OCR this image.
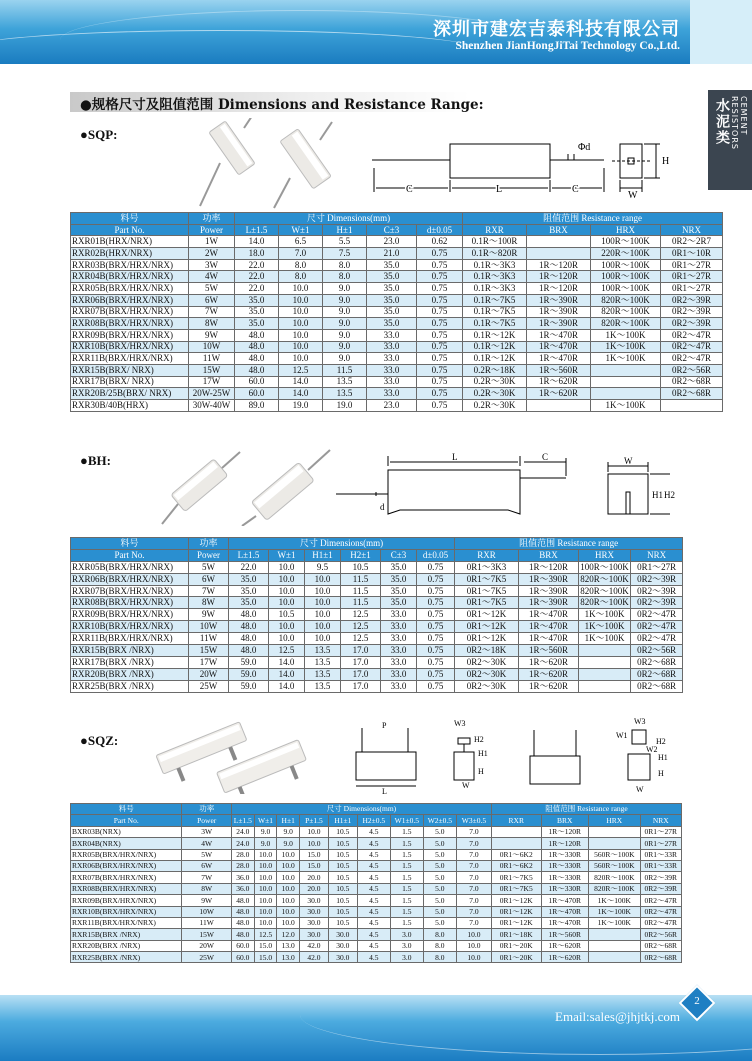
深圳市建宏吉泰科技有限公司
Shenzhen JianHongJiTai Technology Co.,Ltd.
水泥类	CEMENT RESISTORS
●规格尺寸及阻值范围 Dimensions and Resistance Range:
●SQP:
Φd
C	L	C
H
W
料号	功率	尺寸 Dimensions(mm)					阻值范围 Resistance range			
Part No.	Power	L±1.5	W±1	H±1	C±3	d±0.05	RXR	BRX	HRX	NRX
RXR01B(HRX/NRX)	1W	14.0	6.5	5.5	23.0	0.62	0.1R～100R		100R～100K	0R2～2R7
RXR02B(HRX/NRX)	2W	18.0	7.0	7.5	21.0	0.75	0.1R～820R		220R～100K	0R1～10R
RXR03B(BRX/HRX/NRX)	3W	22.0	8.0	8.0	35.0	0.75	0.1R～3K3	1R～120R	100R～100K	0R1～27R
RXR04B(BRX/HRX/NRX)	4W	22.0	8.0	8.0	35.0	0.75	0.1R～3K3	1R～120R	100R～100K	0R1～27R
RXR05B(BRX/HRX/NRX)	5W	22.0	10.0	9.0	35.0	0.75	0.1R～3K3	1R～120R	100R～100K	0R1～27R
RXR06B(BRX/HRX/NRX)	6W	35.0	10.0	9.0	35.0	0.75	0.1R～7K5	1R～390R	820R～100K	0R2～39R
RXR07B(BRX/HRX/NRX)	7W	35.0	10.0	9.0	35.0	0.75	0.1R～7K5	1R～390R	820R～100K	0R2～39R
RXR08B(BRX/HRX/NRX)	8W	35.0	10.0	9.0	35.0	0.75	0.1R～7K5	1R～390R	820R～100K	0R2～39R
RXR09B(BRX/HRX/NRX)	9W	48.0	10.0	9.0	33.0	0.75	0.1R～12K	1R～470R	1K～100K	0R2～47R
RXR10B(BRX/HRX/NRX)	10W	48.0	10.0	9.0	33.0	0.75	0.1R～12K	1R～470R	1K～100K	0R2～47R
RXR11B(BRX/HRX/NRX)	11W	48.0	10.0	9.0	33.0	0.75	0.1R～12K	1R～470R	1K～100K	0R2～47R
RXR15B(BRX/ NRX)	15W	48.0	12.5	11.5	33.0	0.75	0.2R～18K	1R～560R		0R2～56R
RXR17B(BRX/ NRX)	17W	60.0	14.0	13.5	33.0	0.75	0.2R～30K	1R～620R		0R2～68R
RXR20B/25B(BRX/ NRX)	20W-25W	60.0	14.0	13.5	33.0	0.75	0.2R～30K	1R～620R		0R2～68R
RXR30B/40B(HRX)	30W-40W	89.0	19.0	19.0	23.0	0.75	0.2R～30K		1K～100K	
●BH:	L	C
d
W
H1 H2
料号	功率	尺寸 Dimensions(mm)						阻值范围 Resistance range			
Part No.	Power	L±1.5	W±1	H1±1	H2±1	C±3	d±0.05	RXR	BRX	HRX	NRX
RXR05B(BRX/HRX/NRX)	5W	22.0	10.0	9.5	10.5	35.0	0.75	0R1～3K3	1R～120R	100R～100K	0R1～27R
RXR06B(BRX/HRX/NRX)	6W	35.0	10.0	10.0	11.5	35.0	0.75	0R1～7K5	1R～390R	820R～100K	0R2～39R
RXR07B(BRX/HRX/NRX)	7W	35.0	10.0	10.0	11.5	35.0	0.75	0R1～7K5	1R～390R	820R～100K	0R2～39R
RXR08B(BRX/HRX/NRX)	8W	35.0	10.0	10.0	11.5	35.0	0.75	0R1～7K5	1R～390R	820R～100K	0R2～39R
RXR09B(BRX/HRX/NRX)	9W	48.0	10.5	10.0	12.5	33.0	0.75	0R1～12K	1R～470R	1K～100K	0R2～47R
RXR10B(BRX/HRX/NRX)	10W	48.0	10.0	10.0	12.5	33.0	0.75	0R1～12K	1R～470R	1K～100K	0R2～47R
RXR11B(BRX/HRX/NRX)	11W	48.0	10.0	10.0	12.5	33.0	0.75	0R1～12K	1R～470R	1K～100K	0R2～47R
RXR15B(BRX /NRX)	15W	48.0	12.5	13.5	17.0	33.0	0.75	0R2～18K	1R～560R		0R2～56R
RXR17B(BRX /NRX)	17W	59.0	14.0	13.5	17.0	33.0	0.75	0R2～30K	1R～620R		0R2～68R
RXR20B(BRX /NRX)	20W	59.0	14.0	13.5	17.0	33.0	0.75	0R2～30K	1R～620R		0R2～68R
RXR25B(BRX /NRX)	25W	59.0	14.0	13.5	17.0	33.0	0.75	0R2～30K	1R～620R		0R2～68R
●SQZ:
P
L
W3
H2
H1
H
W
W3
W1
W2
H2
H1
H
W
料号	功率	尺寸 Dimensions(mm)									阻值范围 Resistance range			
Part No.	Power	L±1.5	W±1	H±1	P±1.5	H1±1	H2±0.5	W1±0.5	W2±0.5	W3±0.5	RXR	BRX	HRX	NRX
BXR03B(NRX)	3W	24.0	9.0	9.0	10.0	10.5	4.5	1.5	5.0	7.0		1R～120R		0R1～27R
BXR04B(NRX)	4W	24.0	9.0	9.0	10.0	10.5	4.5	1.5	5.0	7.0		1R～120R		0R1～27R
RXR05B(BRX/HRX/NRX)	5W	28.0	10.0	10.0	15.0	10.5	4.5	1.5	5.0	7.0	0R1～6K2	1R～330R	560R～100K	0R1～33R
RXR06B(BRX/HRX/NRX)	6W	28.0	10.0	10.0	15.0	10.5	4.5	1.5	5.0	7.0	0R1～6K2	1R～330R	560R～100K	0R1～33R
RXR07B(BRX/HRX/NRX)	7W	36.0	10.0	10.0	20.0	10.5	4.5	1.5	5.0	7.0	0R1～7K5	1R～330R	820R～100K	0R2～39R
RXR08B(BRX/HRX/NRX)	8W	36.0	10.0	10.0	20.0	10.5	4.5	1.5	5.0	7.0	0R1～7K5	1R～330R	820R～100K	0R2～39R
RXR09B(BRX/HRX/NRX)	9W	48.0	10.0	10.0	30.0	10.5	4.5	1.5	5.0	7.0	0R1～12K	1R～470R	1K～100K	0R2～47R
RXR10B(BRX/HRX/NRX)	10W	48.0	10.0	10.0	30.0	10.5	4.5	1.5	5.0	7.0	0R1～12K	1R～470R	1K～100K	0R2～47R
RXR11B(BRX/HRX/NRX)	11W	48.0	10.0	10.0	30.0	10.5	4.5	1.5	5.0	7.0	0R1～12K	1R～470R	1K～100K	0R2～47R
RXR15B(BRX /NRX)	15W	48.0	12.5	12.0	30.0	30.0	4.5	3.0	8.0	10.0	0R1～18K	1R～560R		0R2～56R
RXR20B(BRX /NRX)	20W	60.0	15.0	13.0	42.0	30.0	4.5	3.0	8.0	10.0	0R1～20K	1R～620R		0R2～68R
RXR25B(BRX /NRX)	25W	60.0	15.0	13.0	42.0	30.0	4.5	3.0	8.0	10.0	0R1～20K	1R～620R		0R2～68R
Email:sales@jhjtkj.com
2
